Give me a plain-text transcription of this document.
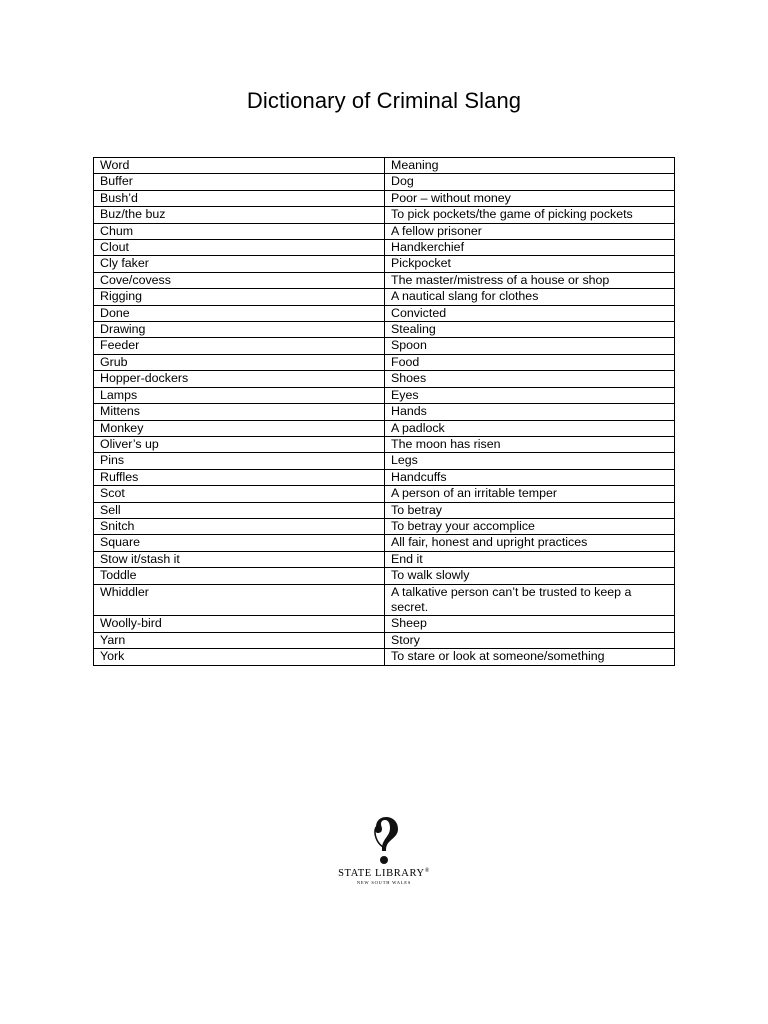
Dictionary of Criminal Slang
Word	Meaning
Buffer	Dog
Bush’d	Poor – without money
Buz/the buz	To pick pockets/the game of picking pockets
Chum	A fellow prisoner
Clout	Handkerchief
Cly faker	Pickpocket
Cove/covess	The master/mistress of a house or shop
Rigging	A nautical slang for clothes
Done	Convicted
Drawing	Stealing
Feeder	Spoon
Grub	Food
Hopper-dockers	Shoes
Lamps	Eyes
Mittens	Hands
Monkey	A padlock
Oliver’s up	The moon has risen
Pins	Legs
Ruffles	Handcuffs
Scot	A person of an irritable temper
Sell	To betray
Snitch	To betray your accomplice
Square	All fair, honest and upright practices
Stow it/stash it	End it
Toddle	To walk slowly
Whiddler	A talkative person can’t be trusted to keep a secret.
Woolly-bird	Sheep
Yarn	Story
York	To stare or look at someone/something
STATE LIBRARY®
NEW SOUTH WALES
